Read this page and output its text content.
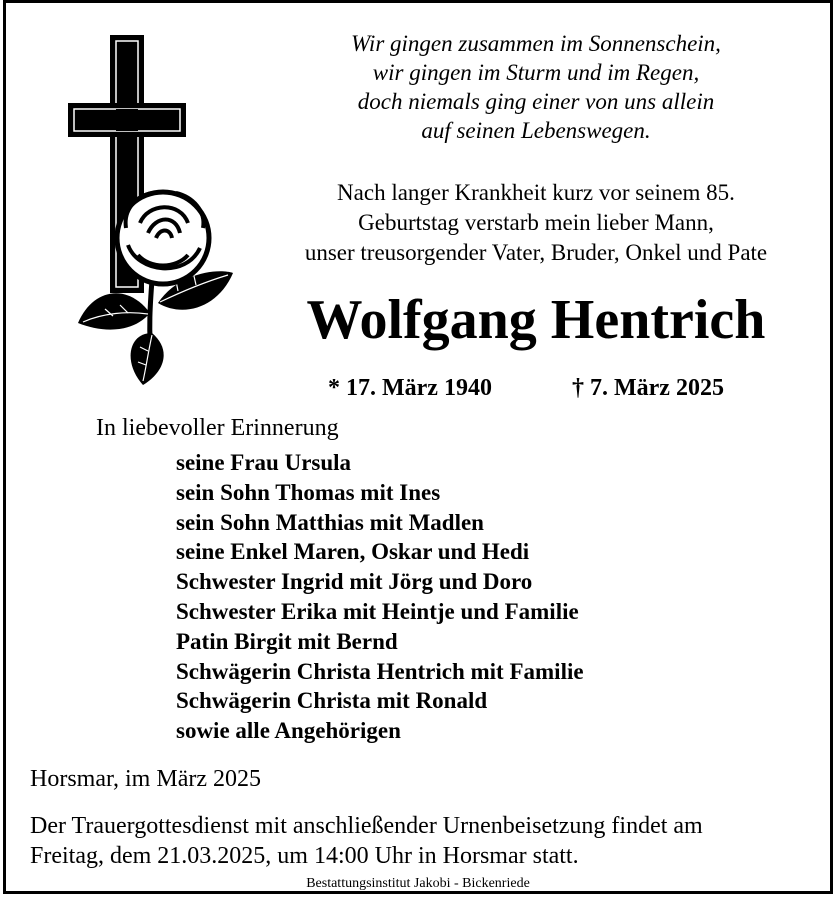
Wir gingen zusammen im Sonnenschein,
wir gingen im Sturm und im Regen,
doch niemals ging einer von uns allein
auf seinen Lebenswegen.
Nach langer Krankheit kurz vor seinem 85.
Geburtstag verstarb mein lieber Mann,
unser treusorgender Vater, Bruder, Onkel und Pate
Wolfgang Hentrich
* 17. März 1940	† 7. März 2025
In liebevoller Erinnerung
seine Frau Ursula
sein Sohn Thomas mit Ines
sein Sohn Matthias mit Madlen
seine Enkel Maren, Oskar und Hedi
Schwester Ingrid mit Jörg und Doro
Schwester Erika mit Heintje und Familie
Patin Birgit mit Bernd
Schwägerin Christa Hentrich mit Familie
Schwägerin Christa mit Ronald
sowie alle Angehörigen
Horsmar, im März 2025
Der Trauergottesdienst mit anschließender Urnenbeisetzung findet am
Freitag, dem 21.03.2025, um 14:00 Uhr in Horsmar statt.
Bestattungsinstitut Jakobi - Bickenriede
